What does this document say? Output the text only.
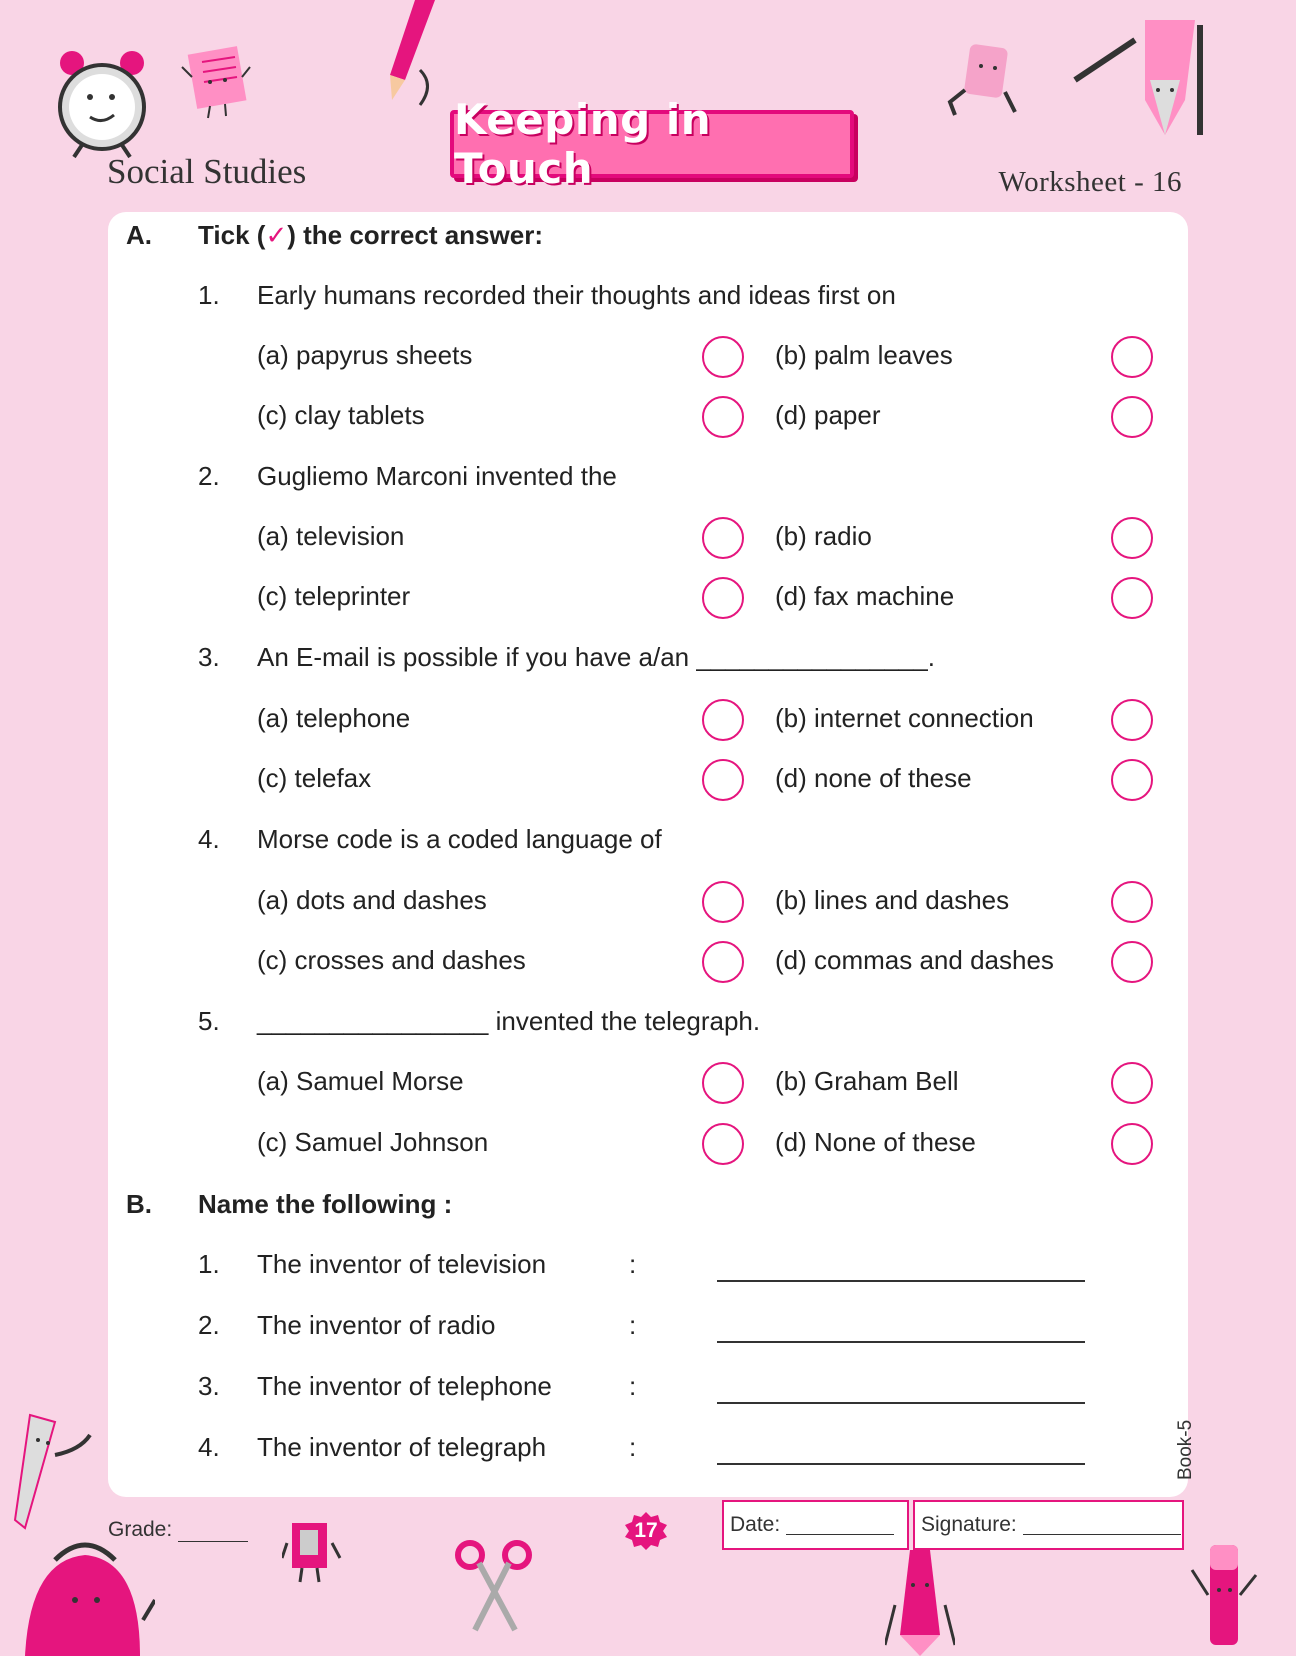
Social Studies
Keeping in Touch	Worksheet - 16
A. Tick (✓) the correct answer:
1. Early humans recorded their thoughts and ideas first on
(a) papyrus sheets	(b) palm leaves
(c) clay tablets	(d) paper
2. Gugliemo Marconi invented the
(a) television	(b) radio
(c) teleprinter	(d) fax machine
3. An E-mail is possible if you have a/an ________________.
(a) telephone	(b) internet connection
(c) telefax	(d) none of these
4. Morse code is a coded language of
(a) dots and dashes	(b) lines and dashes
(c) crosses and dashes	(d) commas and dashes
5. ________________ invented the telegraph.
(a) Samuel Morse	(b) Graham Bell
(c) Samuel Johnson	(d) None of these
B. Name the following :
1. The inventor of television	:
2. The inventor of radio	:
3. The inventor of telephone	:
4. The inventor of telegraph	:
Grade:	17	Date:	Signature:
Book-5
